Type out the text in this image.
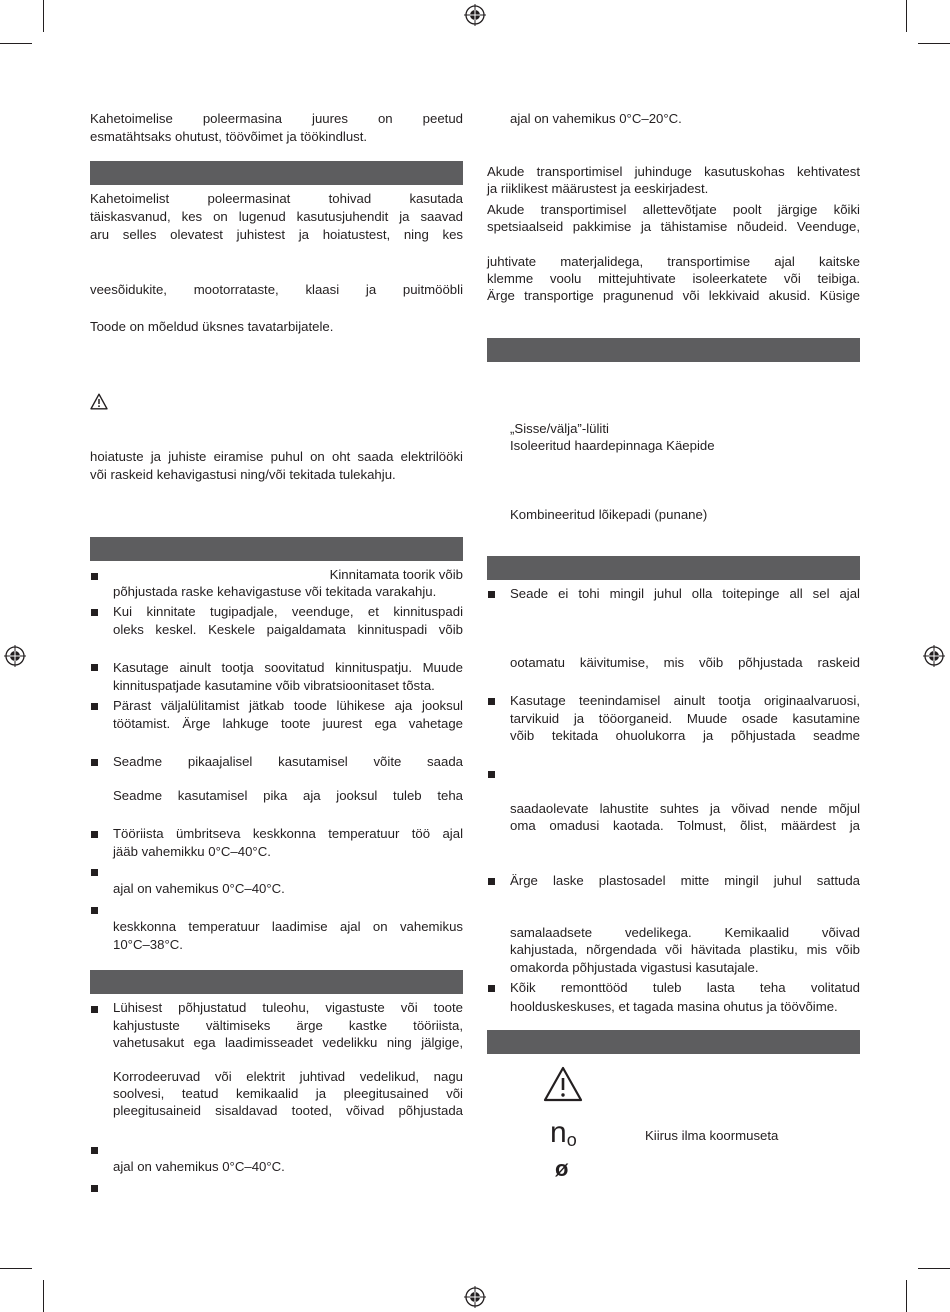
Kahetoimelise poleermasina juures on peetud
esmatähtsaks ohutust, töövõimet ja töökindlust.
Kahetoimelist poleermasinat tohivad kasutada
täiskasvanud, kes on lugenud kasutusjuhendit ja saavad
aru selles olevatest juhistest ja hoiatustest, ning kes
veesõidukite, mootorrataste, klaasi ja puitmööbli
Toode on mõeldud üksnes tavatarbijatele.
hoiatuste ja juhiste eiramise puhul on oht saada elektrilööki
või raskeid kehavigastusi ning/või tekitada tulekahju.
Kinnitamata toorik võib
põhjustada raske kehavigastuse või tekitada varakahju.
Kui kinnitate tugipadjale, veenduge, et kinnituspadi
oleks keskel. Keskele paigaldamata kinnituspadi võib
Kasutage ainult tootja soovitatud kinnituspatju. Muude
kinnituspatjade kasutamine võib vibratsioonitaset tõsta.
Pärast väljalülitamist jätkab toode lühikese aja jooksul
töötamist. Ärge lahkuge toote juurest ega vahetage
Seadme pikaajalisel kasutamisel võite saada
Seadme kasutamisel pika aja jooksul tuleb teha
Tööriista ümbritseva keskkonna temperatuur töö ajal
jääb vahemikku 0°C–40°C.
ajal on vahemikus 0°C–40°C.
keskkonna temperatuur laadimise ajal on vahemikus
10°C–38°C.
Lühisest põhjustatud tuleohu, vigastuste või toote
kahjustuste vältimiseks ärge kastke tööriista,
vahetusakut ega laadimisseadet vedelikku ning jälgige,
Korrodeeruvad või elektrit juhtivad vedelikud, nagu
soolvesi, teatud kemikaalid ja pleegitusained või
pleegitusaineid sisaldavad tooted, võivad põhjustada
ajal on vahemikus 0°C–40°C.
ajal on vahemikus 0°C–20°C.
Akude transportimisel juhinduge kasutuskohas kehtivatest
ja riiklikest määrustest ja eeskirjadest.
Akude transportimisel allettevõtjate poolt järgige kõiki
spetsiaalseid pakkimise ja tähistamise nõudeid. Veenduge,
juhtivate materjalidega, transportimise ajal kaitske
klemme voolu mittejuhtivate isoleerkatete või teibiga.
Ärge transportige pragunenud või lekkivaid akusid. Küsige
„Sisse/välja”-lüliti
Isoleeritud haardepinnaga Käepide
Kombineeritud lõikepadi (punane)
Seade ei tohi mingil juhul olla toitepinge all sel ajal
ootamatu käivitumise, mis võib põhjustada raskeid
Kasutage teenindamisel ainult tootja originaalvaruosi,
tarvikuid ja tööorganeid. Muude osade kasutamine
võib tekitada ohuolukorra ja põhjustada seadme
saadaolevate lahustite suhtes ja võivad nende mõjul
oma omadusi kaotada. Tolmust, õlist, määrdest ja
Ärge laske plastosadel mitte mingil juhul sattuda
samalaadsete vedelikega. Kemikaalid võivad
kahjustada, nõrgendada või hävitada plastiku, mis võib
omakorda põhjustada vigastusi kasutajale.
Kõik remonttööd tuleb lasta teha volitatud
hoolduskeskuses, et tagada masina ohutus ja töövõime.
$n_o$	Kiirus ilma koormuseta
ø
